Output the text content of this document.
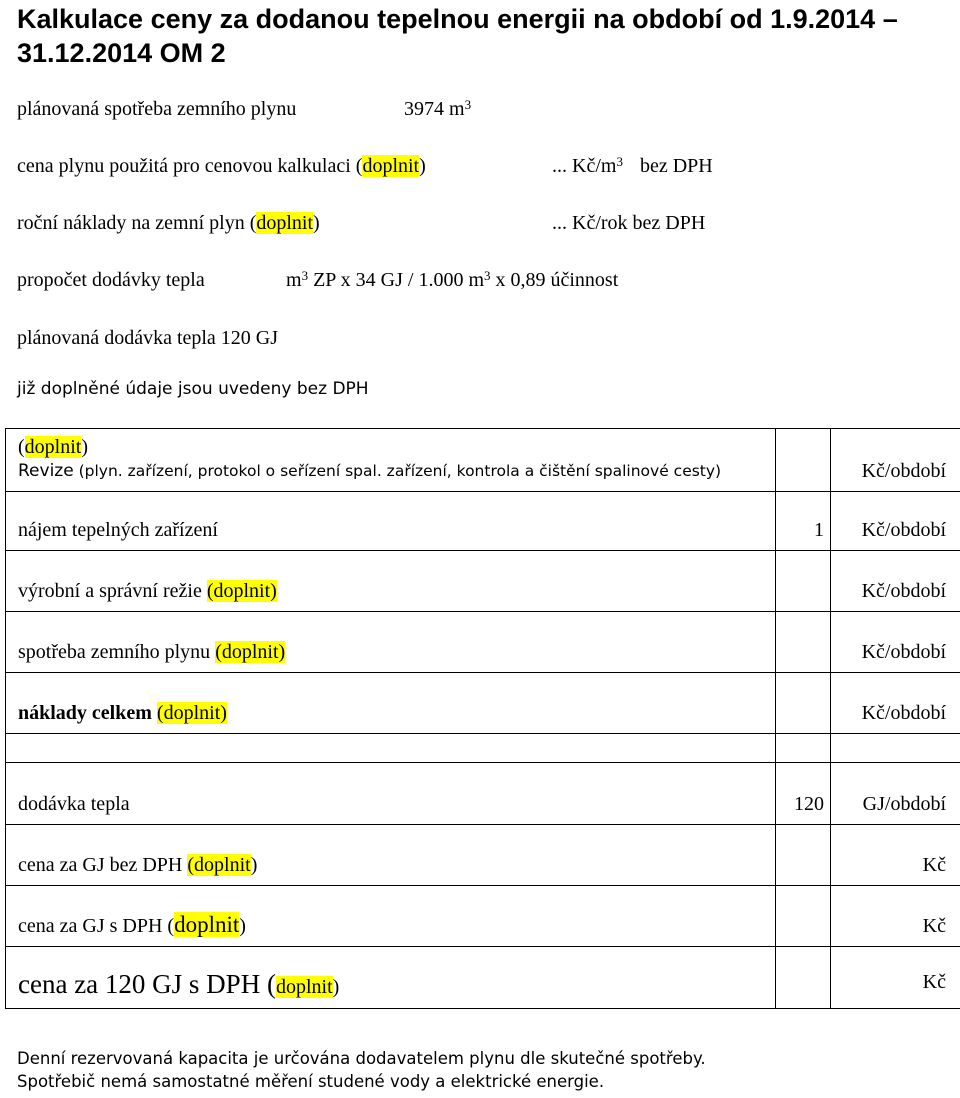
Kalkulace ceny za dodanou tepelnou energii na období od 1.9.2014 – 31.12.2014 OM 2
plánovaná spotřeba zemního plynu	3974 $m^3$
cena plynu použitá pro cenovou kalkulaci (doplnit)	... $Kč/m^3$ bez DPH
roční náklady na zemní plyn (doplnit)	... Kč/rok bez DPH
propočet dodávky tepla	$m^3$ ZP x 34 GJ / 1.000 $m^3$ x 0,89 účinnost
plánovaná dodávka tepla 120 GJ
již doplněné údaje jsou uvedeny bez DPH
(doplnit)
Revize (plyn. zařízení, protokol o seřízení spal. zařízení, kontrola a čištění spalinové cesty)		Kč/období
nájem tepelných zařízení	1	Kč/období
výrobní a správní režie (doplnit)		Kč/období
spotřeba zemního plynu (doplnit)		Kč/období
náklady celkem (doplnit)		Kč/období

dodávka tepla	120	GJ/období
cena za GJ bez DPH (doplnit)		Kč
cena za GJ s DPH (doplnit)		Kč
cena za 120 GJ s DPH (doplnit)		Kč
Denní rezervovaná kapacita je určována dodavatelem plynu dle skutečné spotřeby.
Spotřebič nemá samostatné měření studené vody a elektrické energie.
